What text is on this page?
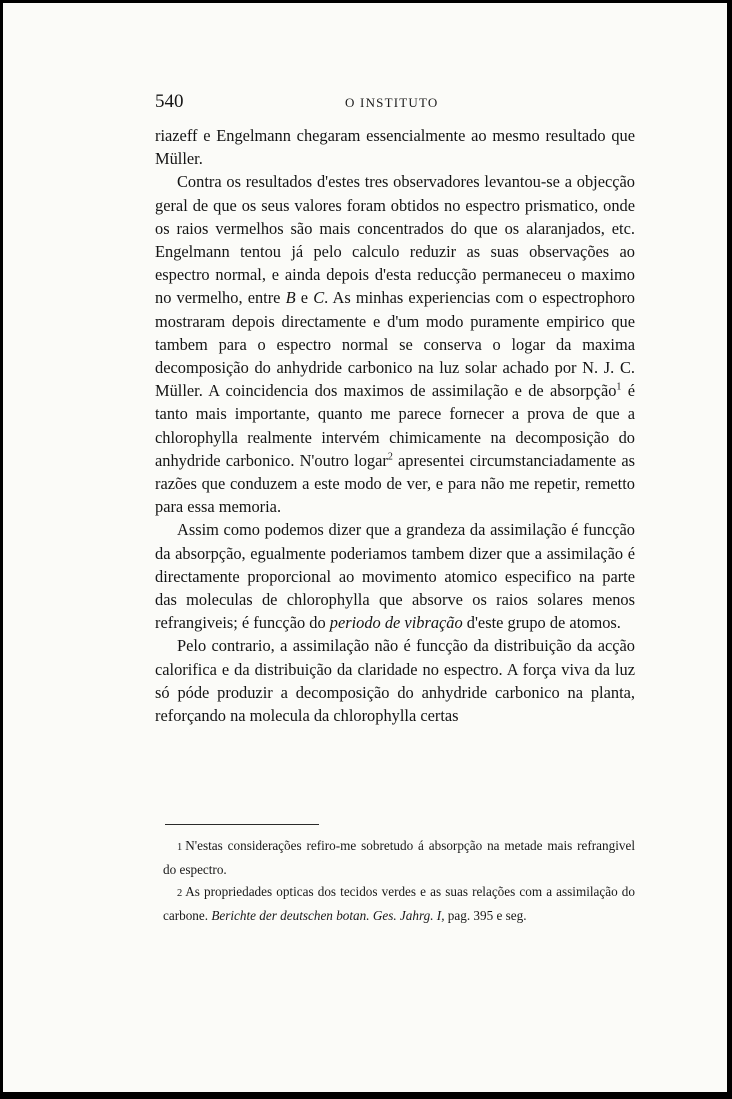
540	O INSTITUTO

riazeff e Engelmann chegaram essencialmente ao mesmo resultado que Müller.

Contra os resultados d'estes tres observadores levantou-se a objecção geral de que os seus valores foram obtidos no espectro prismatico, onde os raios vermelhos são mais concentrados do que os alaranjados, etc. Engelmann tentou já pelo calculo reduzir as suas observações ao espectro normal, e ainda depois d'esta reducção permaneceu o maximo no vermelho, entre B e C. As minhas experiencias com o espectrophoro mostraram depois directamente e d'um modo puramente empirico que tambem para o espectro normal se conserva o logar da maxima decomposição do anhydride carbonico na luz solar achado por N. J. C. Müller. A coincidencia dos maximos de assimilação e de absorpção$^1$ é tanto mais importante, quanto me parece fornecer a prova de que a chlorophylla realmente intervém chimicamente na decomposição do anhydride carbonico. N'outro logar$^2$ apresentei circumstanciadamente as razões que conduzem a este modo de ver, e para não me repetir, remetto para essa memoria.

Assim como podemos dizer que a grandeza da assimilação é funcção da absorpção, egualmente poderiamos tambem dizer que a assimilação é directamente proporcional ao movimento atomico especifico na parte das moleculas de chlorophylla que absorve os raios solares menos refrangiveis; é funcção do periodo de vibração d'este grupo de atomos.

Pelo contrario, a assimilação não é funcção da distribuição da acção calorifica e da distribuição da claridade no espectro. A força viva da luz só póde produzir a decomposição do anhydride carbonico na planta, reforçando na molecula da chlorophylla certas

1 N'estas considerações refiro-me sobretudo á absorpção na metade mais refrangivel do espectro.

2 As propriedades opticas dos tecidos verdes e as suas relações com a assimilação do carbone. Berichte der deutschen botan. Ges. Jahrg. I, pag. 395 e seg.
